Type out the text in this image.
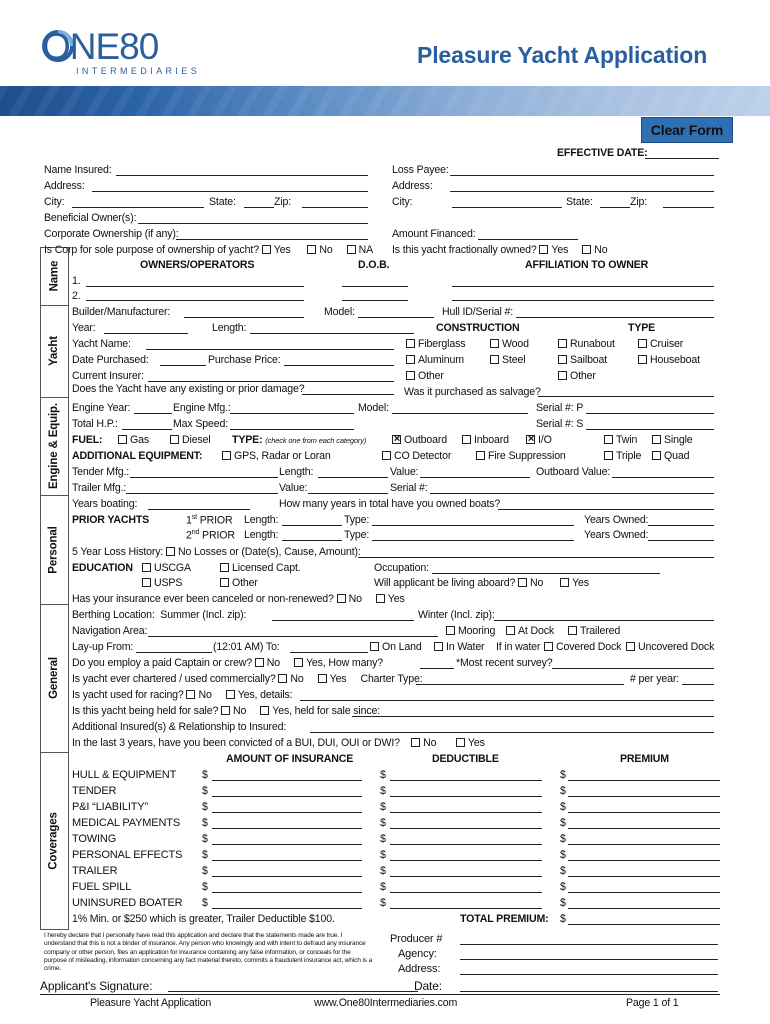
ONE80
INTERMEDIARIES
Pleasure Yacht Application
Clear Form
EFFECTIVE DATE:
Name
Yacht
Engine & Equip.
Personal
General
Coverages
Name Insured:
Address:
City:	State:	Zip:
Beneficial Owner(s):
Corporate Ownership (if any):
Is Corp for sole purpose of ownership of yacht? Yes	No NA
Loss Payee:
Address:
City:	State:	Zip:
Amount Financed:
Is this yacht fractionally owned? Yes No
OWNERS/OPERATORS	D.O.B.	AFFILIATION TO OWNER
1.
2.
Builder/Manufacturer:	Model:	Hull ID/Serial #:
Year:	Length:	CONSTRUCTION	TYPE
Yacht Name:	Fiberglass	Wood	Runabout	Cruiser
Date Purchased:	Purchase Price:	Aluminum	Steel	Sailboat	Houseboat
Current Insurer:	Other	Other
Does the Yacht have any existing or prior damage?	Was it purchased as salvage?
Engine Year:	Engine Mfg.:	Model:	Serial #: P
Total H.P.:	Max Speed:	Serial #: S
FUEL:	Gas	Diesel TYPE: (check one from each category) ×	Outboard	Inboard ×	I/O	Twin	Single
ADDITIONAL EQUIPMENT:	GPS, Radar or Loran	CO Detector	Fire Suppression	Triple	Quad
Tender Mfg.:	Length:	Value:	Outboard Value:
Trailer Mfg.:	Value:	Serial #:
Years boating:	How many years in total have you owned boats?
PRIOR YACHTS	1st PRIOR Length:	Type:	Years Owned:
2nd PRIOR Length:	Type:	Years Owned:
5 Year Loss History: No Losses or (Date(s), Cause, Amount):
EDUCATION	USCGA	Licensed Capt.	Occupation:
USPS	Other	Will applicant be living aboard? No	Yes
Has your insurance ever been canceled or non-renewed? No Yes
Berthing Location: Summer (Incl. zip):	Winter (Incl. zip):
Navigation Area:	Mooring	At Dock	Trailered
Lay-up From:	(12:01 AM) To:	On Land	In Water If in water	Covered Dock	Uncovered Dock
Do you employ a paid Captain or crew? No Yes, How many?	*Most recent survey?
Is yacht ever chartered / used commercially? No Yes Charter Type:	# per year:
Is yacht used for racing? No Yes, details:
Is this yacht being held for sale? No Yes, held for sale since:
Additional Insured(s) & Relationship to Insured:
In the last 3 years, have you been convicted of a BUI, DUI, OUI or DWI? No	Yes
AMOUNT OF INSURANCE	DEDUCTIBLE	PREMIUM
HULL & EQUIPMENT $	$	$
TENDER	$	$	$
P&I “LIABILITY”	$	$	$
MEDICAL PAYMENTS $	$	$
TOWING	$	$	$
PERSONAL EFFECTS $	$	$
TRAILER	$	$	$
FUEL SPILL	$	$	$
UNINSURED BOATER $	$	$
1% Min. or $250 which is greater, Trailer Deductible $100.	TOTAL PREMIUM: $
I hereby declare that I personally have read this application and declare that the statements made are true. I understand that this is not a binder of insurance. Any person who knowingly and with intent to defraud any insurance company or other person, files an application for insurance containing any false information, or conceals for the purpose of misleading, information concerning any fact material thereto, commits a fraudulent insurance act, which is a crime.
Producer #
Agency:
Address:
Applicant's Signature:	Date:
Pleasure Yacht Application	www.One80Intermediaries.com	Page 1 of 1
